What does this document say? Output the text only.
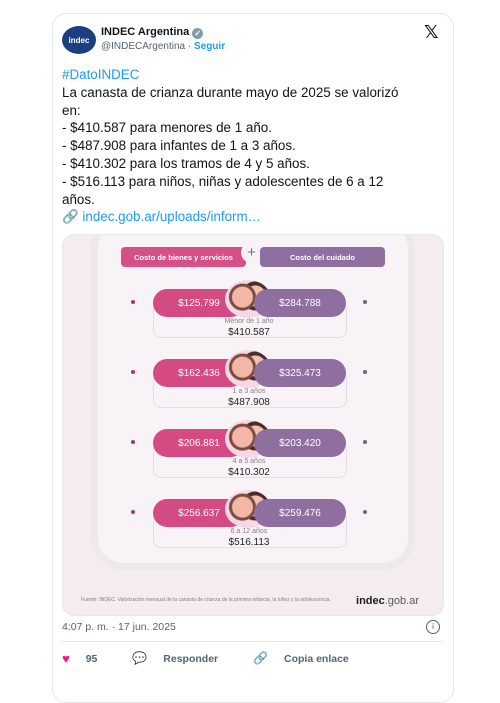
indec
INDEC Argentina ✓
@INDECArgentina · Seguir
𝕏
#DatoINDEC
La canasta de crianza durante mayo de 2025 se valorizó
en:
- $410.587 para menores de 1 año.
- $487.908 para infantes de 1 a 3 años.
- $410.302 para los tramos de 4 y 5 años.
- $516.113 para niños, niñas y adolescentes de 6 a 12
años.
🔗 indec.gob.ar/uploads/inform…
Costo de bienes y servicios +	Costo del cuidado
$125.799	$284.788
Menor de 1 año
$410.587
$162.436	$325.473
1 a 3 años
$487.908
$206.881	$203.420
4 a 5 años
$410.302
$256.637	$259.476
6 a 12 años
$516.113
Fuente: INDEC. Valorización mensual de la canasta de crianza de la primera infancia, la niñez y la adolescencia. indec.gob.ar
4:07 p. m. · 17 jun. 2025	i
♥ 95	💬 Responder	🔗 Copia enlace
